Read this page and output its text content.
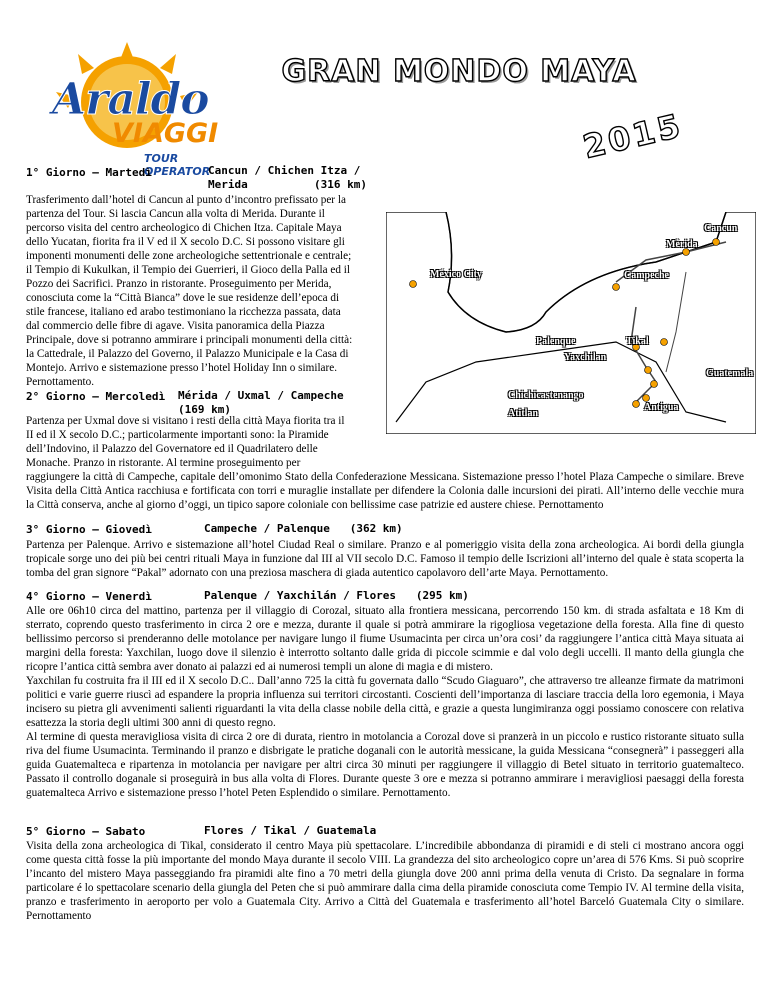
Araldo
VIAGGI
TOUR OPERATOR
GRAN MONDO MAYA
2015
1° Giorno – Martedì	Cancun / Chichen Itza /
Merida          (316 km)
Trasferimento dall’hotel di Cancun al punto d’incontro prefissato per la
partenza del Tour. Si lascia Cancun alla volta di Merida. Durante il
percorso visita del centro archeologico di Chichen Itza. Capitale Maya
dello Yucatan, fiorita fra il V ed il X secolo D.C. Si possono visitare gli
imponenti monumenti delle zone archeologiche settentrionale e centrale;
il Tempio di Kukulkan, il Tempio dei Guerrieri, il Gioco della Palla ed il
Pozzo dei Sacrifici. Pranzo in ristorante. Proseguimento per Merida,
conosciuta come la “Città Bianca” dove le sue residenze dell’epoca di
stile francese, italiano ed arabo testimoniano la ricchezza passata, data
dal commercio delle fibre di agave. Visita panoramica della Piazza
Principale, dove si potranno ammirare i principali monumenti della città:
la Cattedrale, il Palazzo del Governo, il Palazzo Municipale e la Casa di
Montejo. Arrivo e sistemazione presso l’hotel Holiday Inn o similare.
Pernottamento.
Cancun
Mèrida
México City	Campeche
Palenque	Tikal
Yaxchilan
Guatemala
Chichicastenango
Antigua
Atitlan
2° Giorno – Mercoledì Mérida / Uxmal / Campeche
(169 km)
Partenza per Uxmal dove si visitano i resti della città Maya fiorita tra il
II ed il X secolo D.C.; particolarmente importanti sono: la Piramide
dell’Indovino, il Palazzo del Governatore ed il Quadrilatero delle
Monache. Pranzo in ristorante. Al termine proseguimento per
raggiungere la città di Campeche, capitale dell’omonimo Stato della Confederazione Messicana. Sistemazione presso l’hotel Plaza Campeche o similare. Breve Visita della Città Antica racchiusa e fortificata con torri e muraglie installate per difendere la Colonia dalle incursioni dei pirati. All’interno delle vecchie mura la Città conserva, anche al giorno d’oggi, un tipico sapore coloniale con bellissime case patrizie ed austere chiese. Pernottamento
3° Giorno – Giovedì	Campeche / Palenque   (362 km)
Partenza per Palenque. Arrivo e sistemazione all’hotel Ciudad Real o similare. Pranzo e al pomeriggio visita della zona archeologica. Ai bordi della giungla tropicale sorge uno dei più bei centri rituali Maya in funzione dal III al VII secolo D.C. Famoso il tempio delle Iscrizioni all’interno del quale è stata scoperta la tomba del gran signore “Pakal” adornato con una preziosa maschera di giada autentico capolavoro dell’arte Maya. Pernottamento.
4° Giorno – Venerdì	Palenque / Yaxchilán / Flores   (295 km)
Alle ore 06h10 circa del mattino, partenza per il villaggio di Corozal, situato alla frontiera messicana, percorrendo 150 km. di strada asfaltata e 18 Km di sterrato, coprendo questo trasferimento in circa 2 ore e mezza, durante il quale si potrà ammirare la rigogliosa vegetazione della foresta. Alla fine di questo bellissimo percorso si prenderanno delle motolance per navigare lungo il fiume Usumacinta per circa un’ora cosi’ da raggiungere l’antica città Maya situata ai margini della foresta: Yaxchilan, luogo dove il silenzio è interrotto soltanto dalle grida di piccole scimmie e dal volo degli uccelli. Il manto della giungla che ricopre l’antica città sembra aver donato ai palazzi ed ai numerosi templi un alone di magia e di mistero.
Yaxchilan fu costruita fra il III ed il X secolo D.C.. Dall’anno 725 la città fu governata dallo “Scudo Giaguaro”, che attraverso tre alleanze firmate da matrimoni politici e varie guerre riuscì ad espandere la propria influenza sui territori circostanti. Coscienti dell’importanza di lasciare traccia della loro egemonia, i Maya incisero su pietra gli avvenimenti salienti riguardanti la vita della classe nobile della città, e grazie a questa lungimiranza oggi possiamo conoscere con relativa esattezza la storia degli ultimi 300 anni di questo regno.
Al termine di questa meravigliosa visita di circa 2 ore di durata, rientro in motolancia a Corozal dove si pranzerà in un piccolo e rustico ristorante situato sulla riva del fiume Usumacinta. Terminando il pranzo e disbrigate le pratiche doganali con le autorità messicane, la guida Messicana “consegnerà” i passeggeri alla guida Guatemalteca e ripartenza in motolancia per navigare per altri circa 30 minuti per raggiungere il villaggio di Betel situato in territorio guatemalteco. Passato il controllo doganale si proseguirà in bus alla volta di Flores. Durante queste 3 ore e mezza si potranno ammirare i meravigliosi paesaggi della foresta guatemalteca Arrivo e sistemazione presso l’hotel Peten Esplendido o similare. Pernottamento.
5° Giorno – Sabato	Flores / Tikal / Guatemala
Visita della zona archeologica di Tikal, considerato il centro Maya più spettacolare. L’incredibile abbondanza di piramidi e di steli ci mostrano ancora oggi come questa città fosse la più importante del mondo Maya durante il secolo VIII. La grandezza del sito archeologico copre un’area di 576 Kms. Si può scoprire l’incanto del mistero Maya passeggiando fra piramidi alte fino a 70 metri della giungla dove 200 anni prima della venuta di Cristo. Da segnalare in forma particolare é lo spettacolare scenario della giungla del Peten che si può ammirare dalla cima della piramide conosciuta come Tempio IV. Al termine della visita, pranzo e trasferimento in aeroporto per volo a Guatemala City. Arrivo a Città del Guatemala e trasferimento all’hotel Barceló Guatemala City o similare. Pernottamento
